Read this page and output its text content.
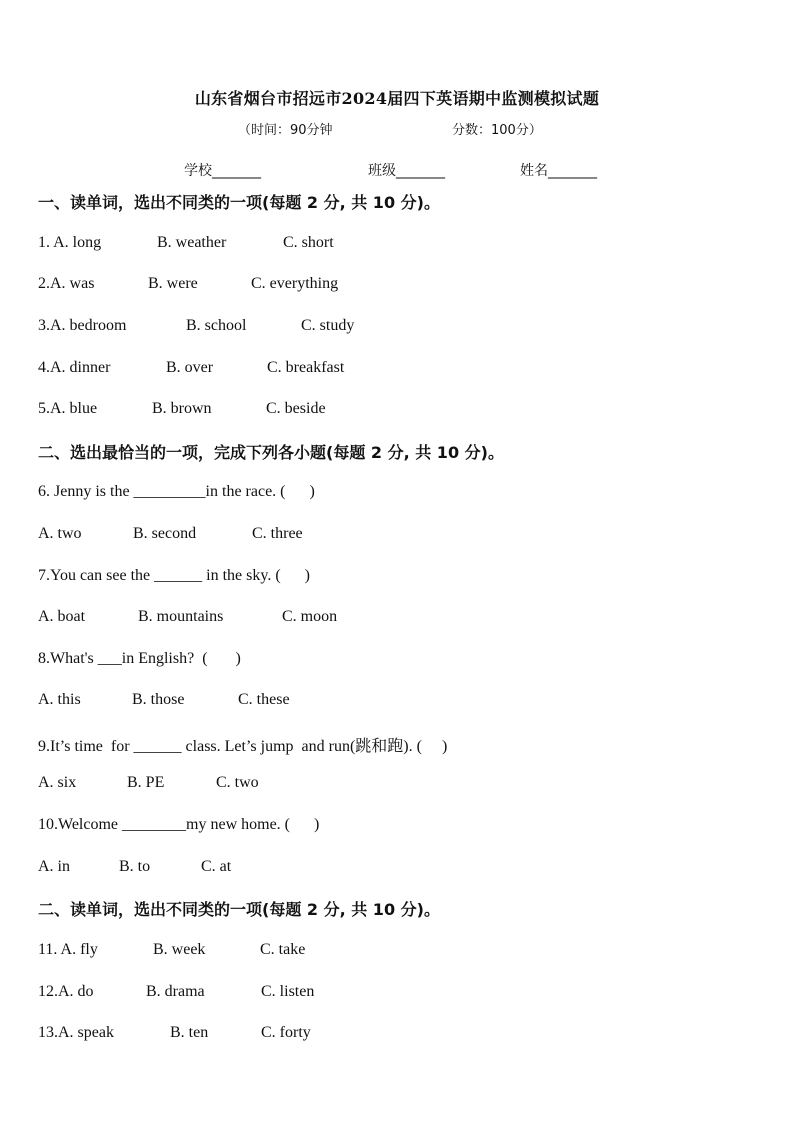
山东省烟台市招远市2024届四下英语期中监测模拟试题
（时间：90分钟	分数：100分）
学校_______	班级_______	姓名_______
一、读单词，选出不同类的一项(每题 2 分, 共 10 分)。

1. A. long

	B. weather

	C. short

2.A. was

	B. were

	C. everything

3.A. bedroom

	B. school

	C. study

4.A. dinner

	B. over

	C. breakfast

5.A. blue

	B. brown

	C. beside

二、选出最恰当的一项，完成下列各小题(每题 2 分, 共 10 分)。
6. Jenny is the _________in the race. (      )

A. two

	B. second

	C. three

7.You can see the ______ in the sky. (      )

A. boat

	B. mountains

	C. moon

8.What's ___in English?  (       )

A. this

	B. those

	C. these

9.It’s time  for ______ class. Let’s jump  and run(跳和跑). (     )

A. six

	B. PE

	C. two

10.Welcome ________my new home. (      )

A. in

	B. to

	C. at

二、读单词，选出不同类的一项(每题 2 分, 共 10 分)。

11. A. fly

	B. week

	C. take

12.A. do

	B. drama

	C. listen

13.A. speak

	B. ten

	C. forty
